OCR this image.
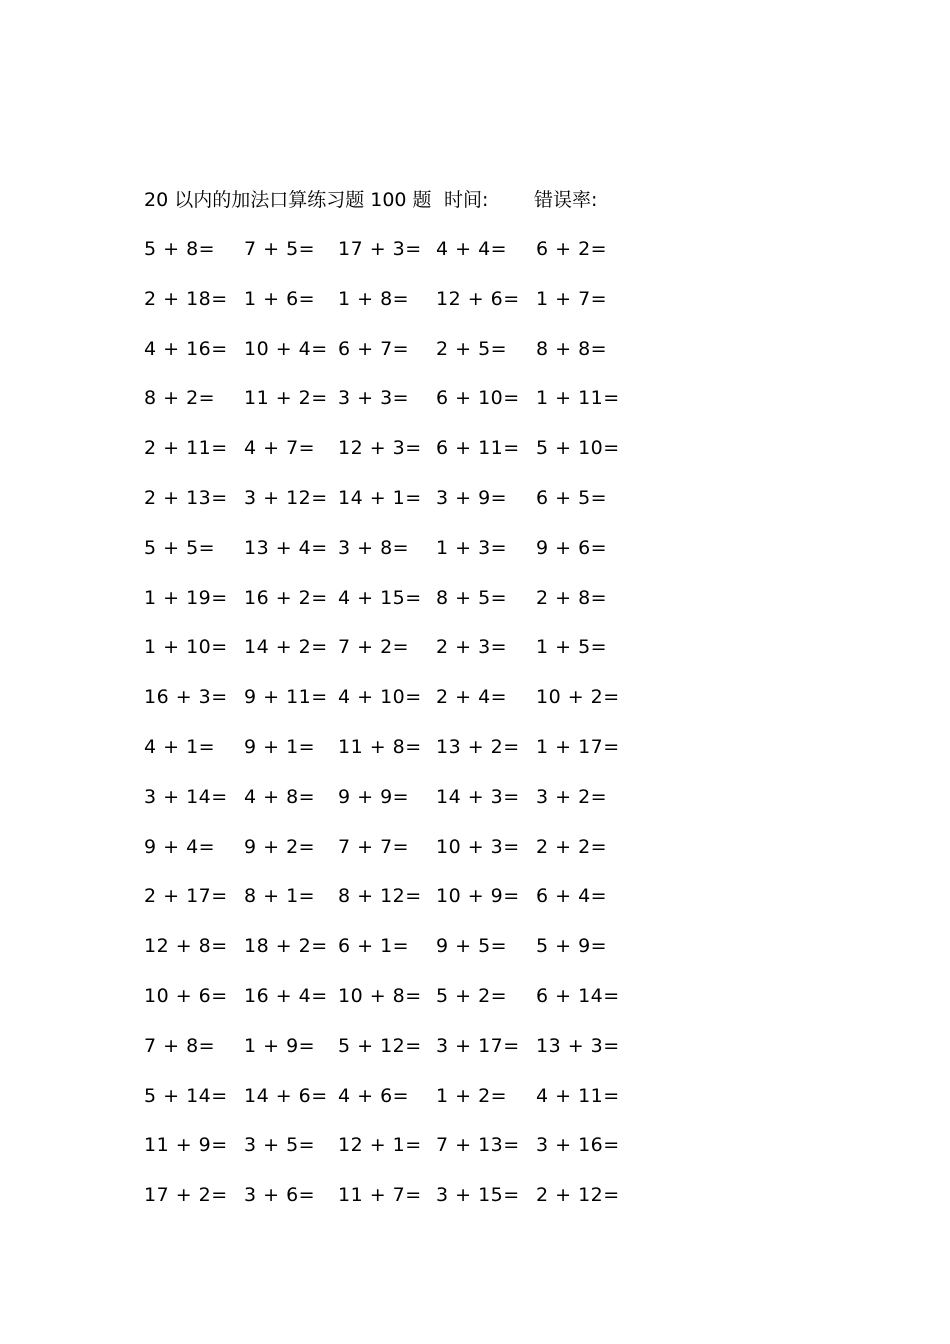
20 以内的加法口算练习题 100 题 时间: 错误率:
5 + 8= 7 + 5= 17 + 3= 4 + 4= 6 + 2=
2 + 18= 1 + 6= 1 + 8= 12 + 6= 1 + 7=
4 + 16= 10 + 4= 6 + 7= 2 + 5= 8 + 8=
8 + 2= 11 + 2= 3 + 3= 6 + 10= 1 + 11=
2 + 11= 4 + 7= 12 + 3= 6 + 11= 5 + 10=
2 + 13= 3 + 12= 14 + 1= 3 + 9= 6 + 5=
5 + 5= 13 + 4= 3 + 8= 1 + 3= 9 + 6=
1 + 19= 16 + 2= 4 + 15= 8 + 5= 2 + 8=
1 + 10= 14 + 2= 7 + 2= 2 + 3= 1 + 5=
16 + 3= 9 + 11= 4 + 10= 2 + 4= 10 + 2=
4 + 1= 9 + 1= 11 + 8= 13 + 2= 1 + 17=
3 + 14= 4 + 8= 9 + 9= 14 + 3= 3 + 2=
9 + 4= 9 + 2= 7 + 7= 10 + 3= 2 + 2=
2 + 17= 8 + 1= 8 + 12= 10 + 9= 6 + 4=
12 + 8= 18 + 2= 6 + 1= 9 + 5= 5 + 9=
10 + 6= 16 + 4= 10 + 8= 5 + 2= 6 + 14=
7 + 8= 1 + 9= 5 + 12= 3 + 17= 13 + 3=
5 + 14= 14 + 6= 4 + 6= 1 + 2= 4 + 11=
11 + 9= 3 + 5= 12 + 1= 7 + 13= 3 + 16=
17 + 2= 3 + 6= 11 + 7= 3 + 15= 2 + 12=
